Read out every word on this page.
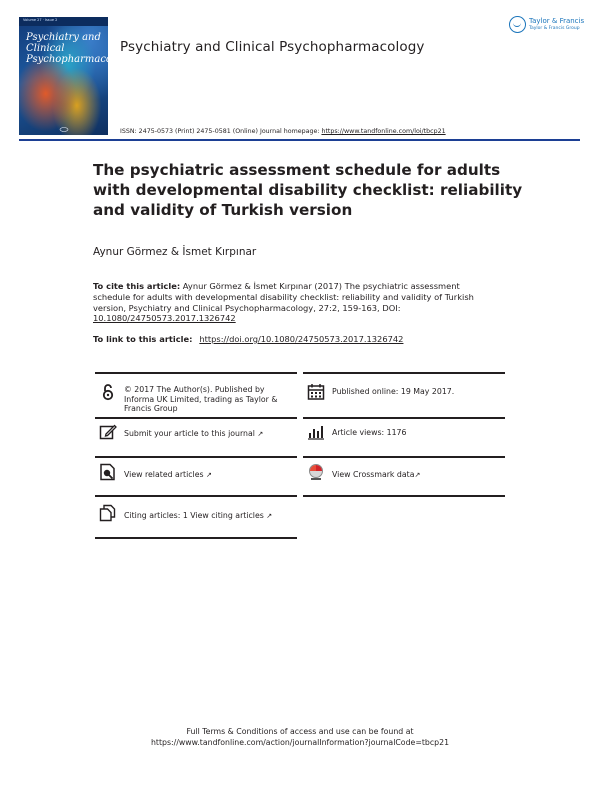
Volume 27 · Issue 2
Psychiatry and Clinical Psychopharmacology
Psychiatry and Clinical Psychopharmacology
Taylor & Francis
Taylor & Francis Group
ISSN: 2475-0573 (Print) 2475-0581 (Online) Journal homepage: https://www.tandfonline.com/loi/tbcp21
The psychiatric assessment schedule for adults with developmental disability checklist: reliability and validity of Turkish version
Aynur Görmez & İsmet Kırpınar
To cite this article: Aynur Görmez & İsmet Kırpınar (2017) The psychiatric assessment schedule for adults with developmental disability checklist: reliability and validity of Turkish version, Psychiatry and Clinical Psychopharmacology, 27:2, 159-163, DOI: 10.1080/24750573.2017.1326742
To link to this article: https://doi.org/10.1080/24750573.2017.1326742
© 2017 The Author(s). Published by Informa UK Limited, trading as Taylor & Francis Group
Published online: 19 May 2017.
Submit your article to this journal ↗	Article views: 1176
View related articles ↗	View Crossmark data↗
Citing articles: 1 View citing articles ↗
Full Terms & Conditions of access and use can be found at
https://www.tandfonline.com/action/journalInformation?journalCode=tbcp21
